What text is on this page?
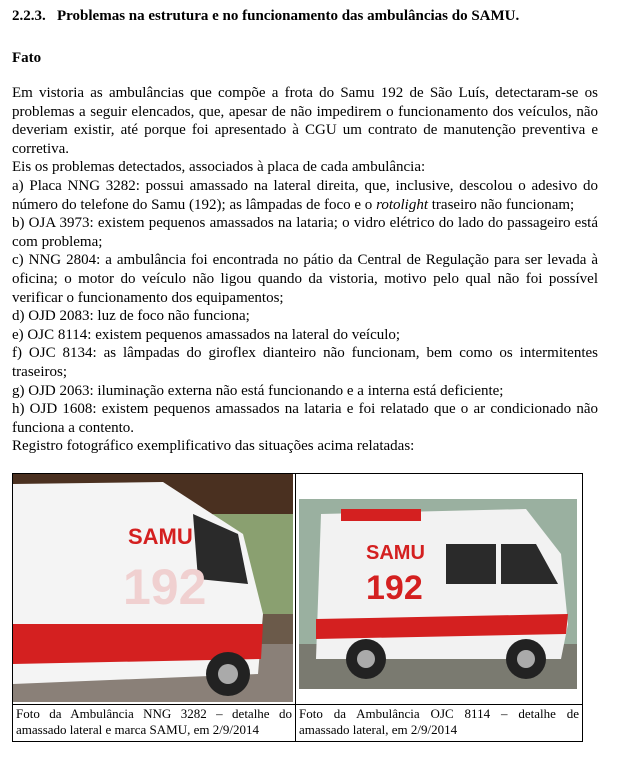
2.2.3. Problemas na estrutura e no funcionamento das ambulâncias do SAMU.
Fato

Em vistoria as ambulâncias que compõe a frota do Samu 192 de São Luís, detectaram-se os problemas a seguir elencados, que, apesar de não impedirem o funcionamento dos veículos, não deveriam existir, até porque foi apresentado à CGU um contrato de manutenção preventiva e corretiva.

Eis os problemas detectados, associados à placa de cada ambulância:

a) Placa NNG 3282: possui amassado na lateral direita, que, inclusive, descolou o adesivo do número do telefone do Samu (192); as lâmpadas de foco e o rotolight traseiro não funcionam;

b) OJA 3973: existem pequenos amassados na lataria; o vidro elétrico do lado do passageiro está com problema;

c) NNG 2804: a ambulância foi encontrada no pátio da Central de Regulação para ser levada à oficina; o motor do veículo não ligou quando da vistoria, motivo pelo qual não foi possível verificar o funcionamento dos equipamentos;

d) OJD 2083: luz de foco não funciona;

e) OJC 8114: existem pequenos amassados na lateral do veículo;

f) OJC 8134: as lâmpadas do giroflex dianteiro não funcionam, bem como os intermitentes traseiros;

g) OJD 2063: iluminação externa não está funcionando e a interna está deficiente;

h) OJD 1608: existem pequenos amassados na lataria e foi relatado que o ar condicionado não funciona a contento.

Registro fotográfico exemplificativo das situações acima relatadas:

SAMU
192	SAMU
192

Foto da Ambulância NNG 3282 – detalhe do amassado lateral e marca SAMU, em 2/9/2014	Foto da Ambulância OJC 8114 – detalhe de amassado lateral, em 2/9/2014
